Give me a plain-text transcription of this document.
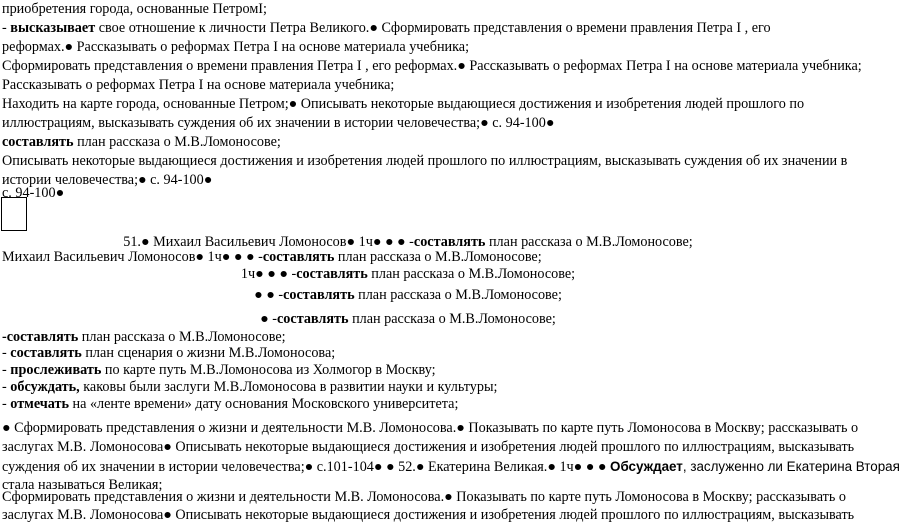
приобретения города, основанные ПетромI;
- высказывает свое отношение к личности Петра Великого.● Сформировать представления о времени правления Петра I , его
реформах.● Рассказывать о реформах Петра I на основе материала учебника;
Сформировать представления о времени правления Петра I , его реформах.● Рассказывать о реформах Петра I на основе материала учебника;
Рассказывать о реформах Петра I на основе материала учебника;
Находить на карте города, основанные Петром;● Описывать некоторые выдающиеся достижения и изобретения людей прошлого по
иллюстрациям, высказывать суждения об их значении в истории человечества;● с. 94-100●
составлять план рассказа о М.В.Ломоносове;
Описывать некоторые выдающиеся достижения и изобретения людей прошлого по иллюстрациям, высказывать суждения об их значении в
истории человечества;● с. 94-100●
с. 94-100●
51.● Михаил Васильевич Ломоносов● 1ч● ● ● -составлять план рассказа о М.В.Ломоносове;
Михаил Васильевич Ломоносов● 1ч● ● ● -составлять план рассказа о М.В.Ломоносове;
1ч● ● ● -составлять план рассказа о М.В.Ломоносове;
● ● -составлять план рассказа о М.В.Ломоносове;
● -составлять план рассказа о М.В.Ломоносове;
-составлять план рассказа о М.В.Ломоносове;
- составлять план сценария о жизни М.В.Ломоносова;
- прослеживать по карте путь М.В.Ломоносова из Холмогор в Москву;
- обсуждать, каковы были заслуги М.В.Ломоносова в развитии науки и культуры;
- отмечать на «ленте времени» дату основания Московского университета;
● Сформировать представления о жизни и деятельности М.В. Ломоносова.● Показывать по карте путь Ломоносова в Москву; рассказывать о
заслугах М.В. Ломоносова● Описывать некоторые выдающиеся достижения и изобретения людей прошлого по иллюстрациям, высказывать
суждения об их значении в истории человечества;● с.101-104● ● 52.● Екатерина Великая.● 1ч● ● ● Обсуждает, заслуженно ли Екатерина Вторая
стала называться Великая;
Сформировать представления о жизни и деятельности М.В. Ломоносова.● Показывать по карте путь Ломоносова в Москву; рассказывать о
заслугах М.В. Ломоносова● Описывать некоторые выдающиеся достижения и изобретения людей прошлого по иллюстрациям, высказывать
